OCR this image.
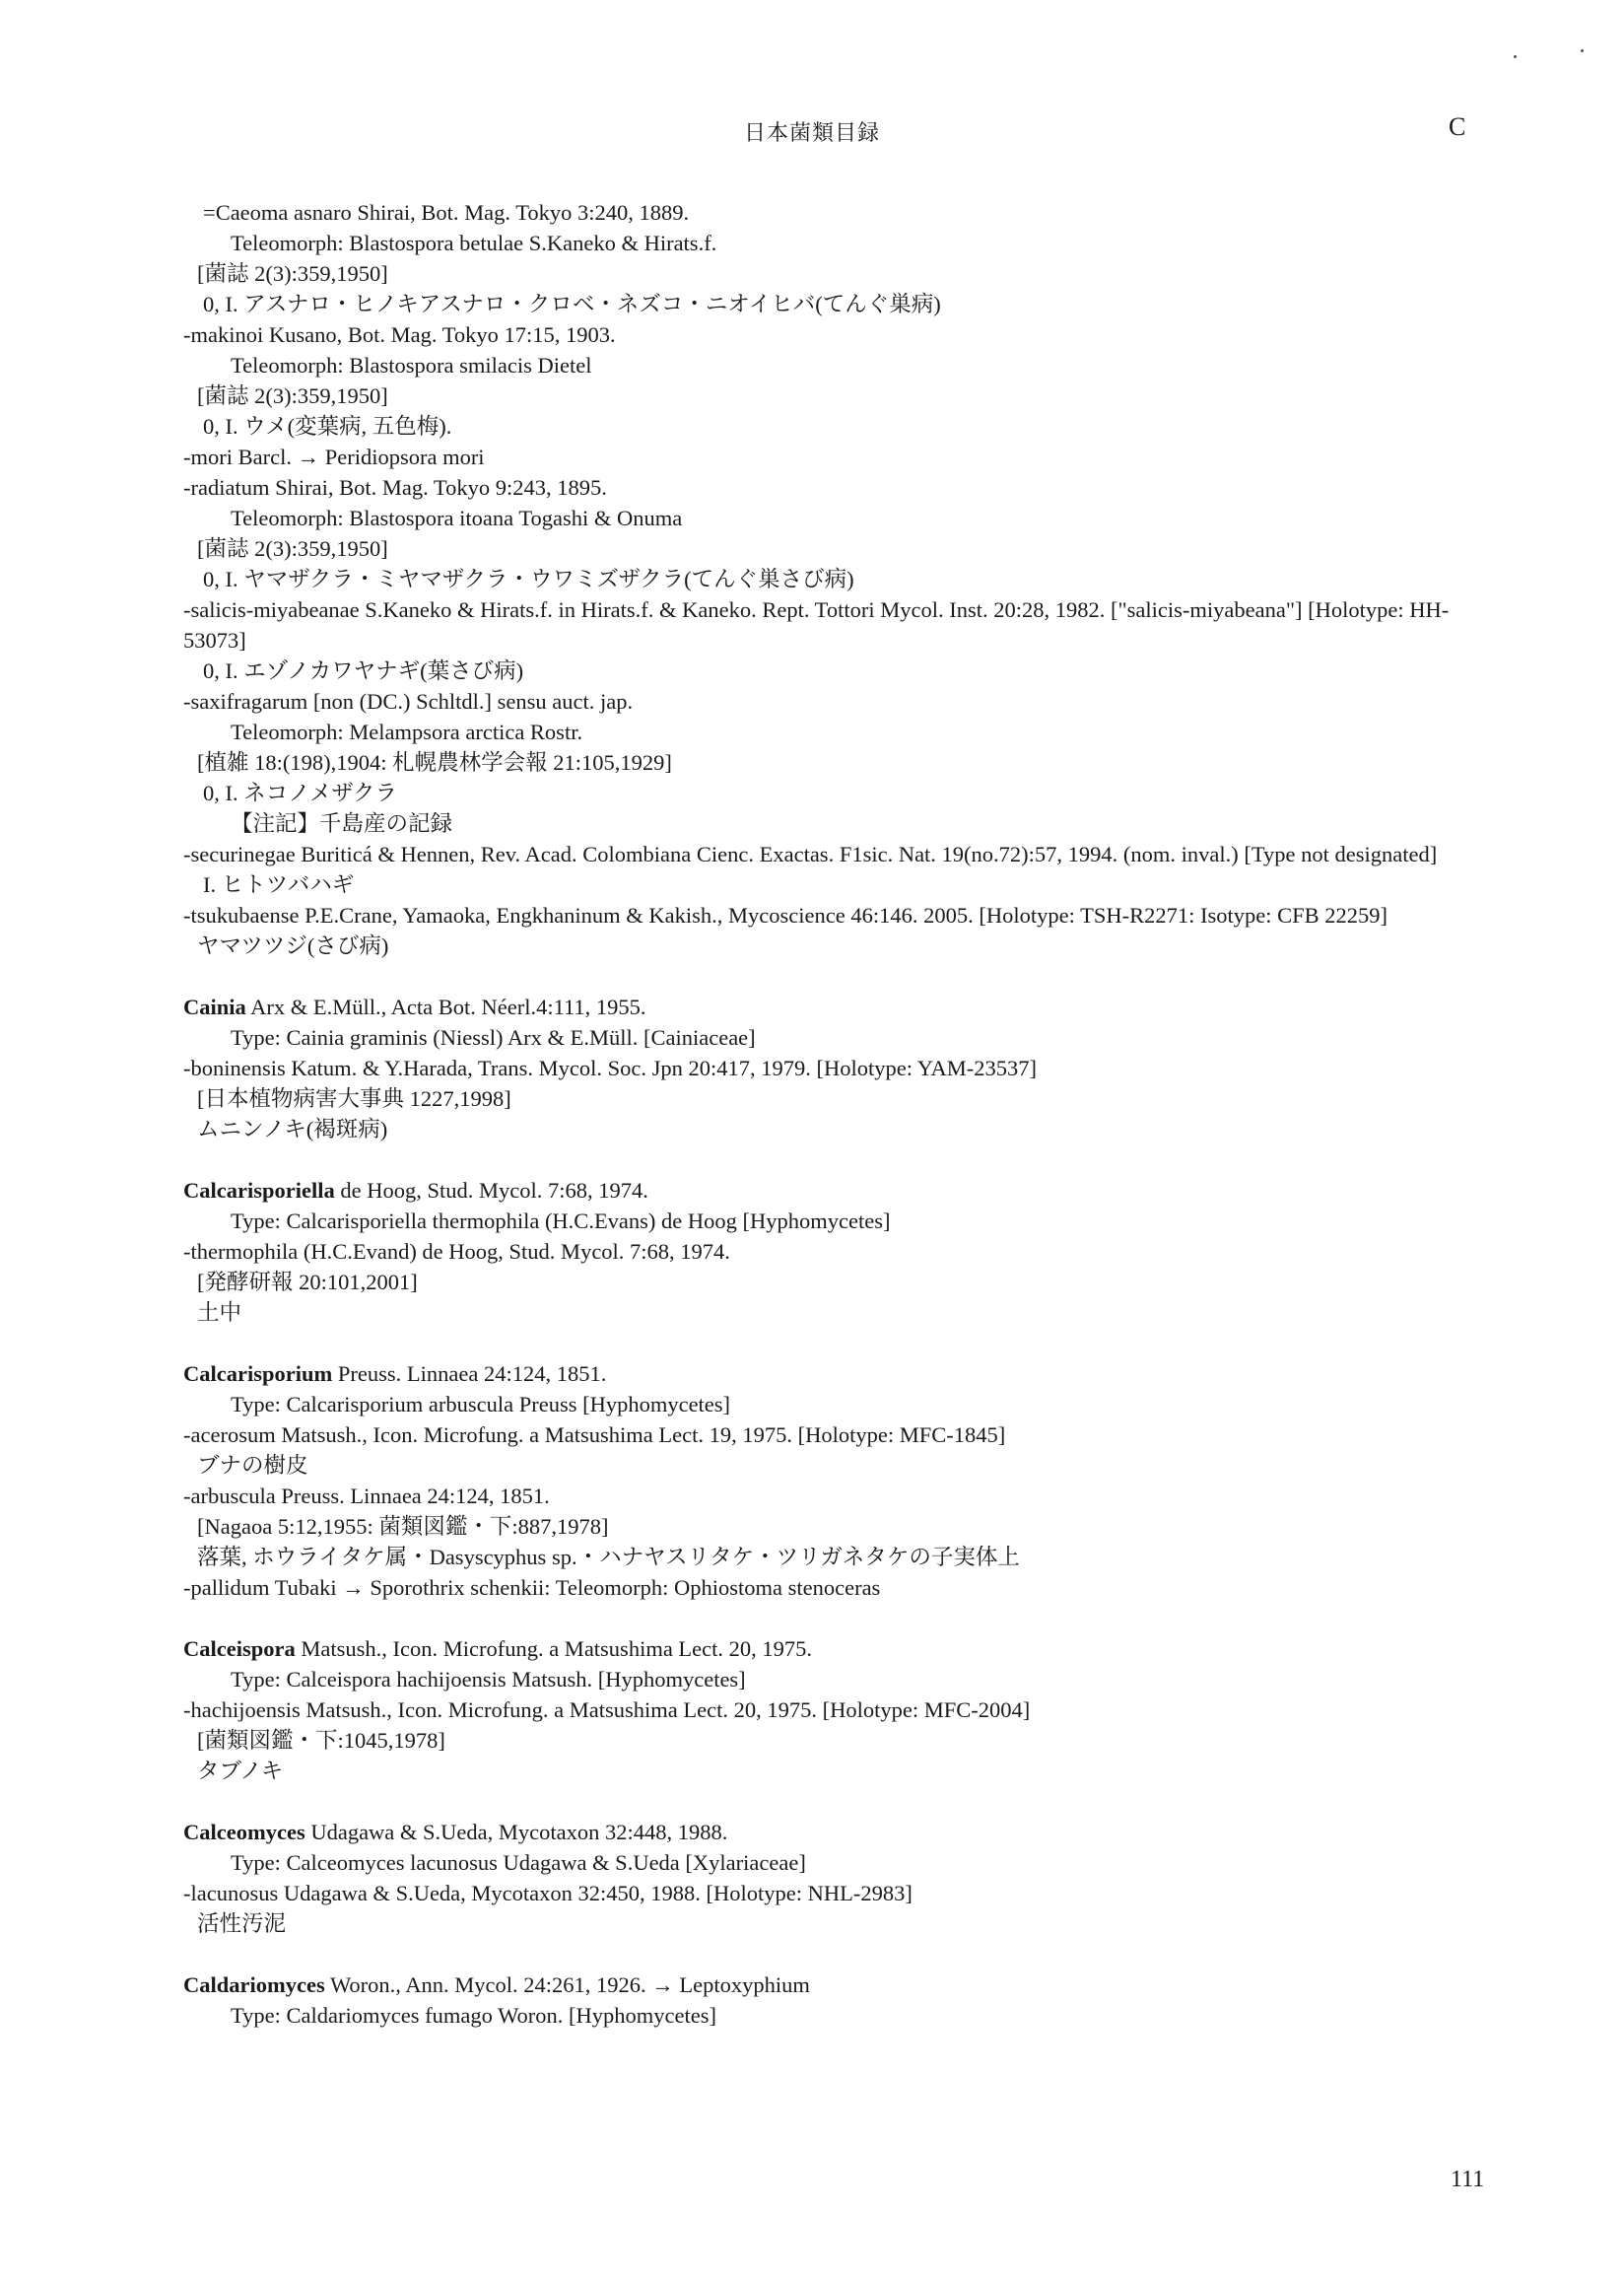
日本菌類目録	C
=Caeoma asnaro Shirai, Bot. Mag. Tokyo 3:240, 1889.
Teleomorph: Blastospora betulae S.Kaneko & Hirats.f.
[菌誌 2(3):359,1950]
0, I. アスナロ・ヒノキアスナロ・クロベ・ネズコ・ニオイヒバ(てんぐ巣病)
-makinoi Kusano, Bot. Mag. Tokyo 17:15, 1903.
Teleomorph: Blastospora smilacis Dietel
[菌誌 2(3):359,1950]
0, I. ウメ(変葉病, 五色梅).
-mori Barcl. → Peridiopsora mori
-radiatum Shirai, Bot. Mag. Tokyo 9:243, 1895.
Teleomorph: Blastospora itoana Togashi & Onuma
[菌誌 2(3):359,1950]
0, I. ヤマザクラ・ミヤマザクラ・ウワミズザクラ(てんぐ巣さび病)
-salicis-miyabeanae S.Kaneko & Hirats.f. in Hirats.f. & Kaneko. Rept. Tottori Mycol. Inst. 20:28, 1982. ["salicis-miyabeana"] [Holotype: HH-53073]
0, I. エゾノカワヤナギ(葉さび病)
-saxifragarum [non (DC.) Schltdl.] sensu auct. jap.
Teleomorph: Melampsora arctica Rostr.
[植雑 18:(198),1904: 札幌農林学会報 21:105,1929]
0, I. ネコノメザクラ
【注記】千島産の記録
-securinegae Buriticá & Hennen, Rev. Acad. Colombiana Cienc. Exactas. F1sic. Nat. 19(no.72):57, 1994. (nom. inval.) [Type not designated]
I. ヒトツバハギ
-tsukubaense P.E.Crane, Yamaoka, Engkhaninum & Kakish., Mycoscience 46:146. 2005. [Holotype: TSH-R2271: Isotype: CFB 22259]
ヤマツツジ(さび病)
Cainia Arx & E.Müll., Acta Bot. Néerl.4:111, 1955.
Type: Cainia graminis (Niessl) Arx & E.Müll. [Cainiaceae]
-boninensis Katum. & Y.Harada, Trans. Mycol. Soc. Jpn 20:417, 1979. [Holotype: YAM-23537]
[日本植物病害大事典 1227,1998]
ムニンノキ(褐斑病)
Calcarisporiella de Hoog, Stud. Mycol. 7:68, 1974.
Type: Calcarisporiella thermophila (H.C.Evans) de Hoog [Hyphomycetes]
-thermophila (H.C.Evand) de Hoog, Stud. Mycol. 7:68, 1974.
[発酵研報 20:101,2001]
土中
Calcarisporium Preuss. Linnaea 24:124, 1851.
Type: Calcarisporium arbuscula Preuss [Hyphomycetes]
-acerosum Matsush., Icon. Microfung. a Matsushima Lect. 19, 1975. [Holotype: MFC-1845]
ブナの樹皮
-arbuscula Preuss. Linnaea 24:124, 1851.
[Nagaoa 5:12,1955: 菌類図鑑・下:887,1978]
落葉, ホウライタケ属・Dasyscyphus sp.・ハナヤスリタケ・ツリガネタケの子実体上
-pallidum Tubaki → Sporothrix schenkii: Teleomorph: Ophiostoma stenoceras
Calceispora Matsush., Icon. Microfung. a Matsushima Lect. 20, 1975.
Type: Calceispora hachijoensis Matsush. [Hyphomycetes]
-hachijoensis Matsush., Icon. Microfung. a Matsushima Lect. 20, 1975. [Holotype: MFC-2004]
[菌類図鑑・下:1045,1978]
タブノキ
Calceomyces Udagawa & S.Ueda, Mycotaxon 32:448, 1988.
Type: Calceomyces lacunosus Udagawa & S.Ueda [Xylariaceae]
-lacunosus Udagawa & S.Ueda, Mycotaxon 32:450, 1988. [Holotype: NHL-2983]
活性汚泥
Caldariomyces Woron., Ann. Mycol. 24:261, 1926. → Leptoxyphium
Type: Caldariomyces fumago Woron. [Hyphomycetes]
111
